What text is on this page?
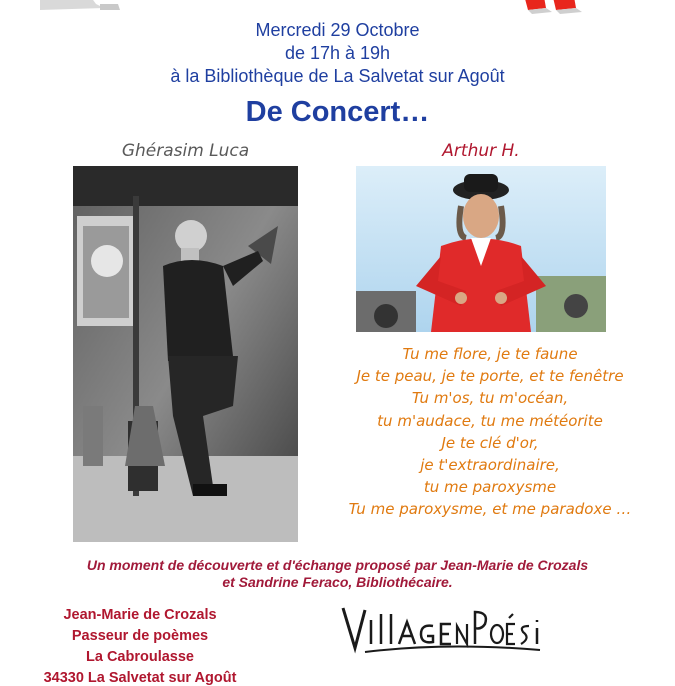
Mercredi 29 Octobre
de 17h à 19h
à la Bibliothèque de La Salvetat sur Agoût
De Concert…
Ghérasim Luca	Arthur H.
Tu me flore, je te faune
Je te peau, je te porte, et te fenêtre
Tu m'os, tu m'océan,
tu m'audace, tu me météorite
Je te clé d'or,
je t'extraordinaire,
tu me paroxysme
Tu me paroxysme, et me paradoxe …
Un moment de découverte et d'échange proposé par Jean-Marie de Crozals
et Sandrine Feraco, Bibliothécaire.
Jean-Marie de Crozals
Passeur de poèmes
La Cabroulasse
34330 La Salvetat sur Agoût
